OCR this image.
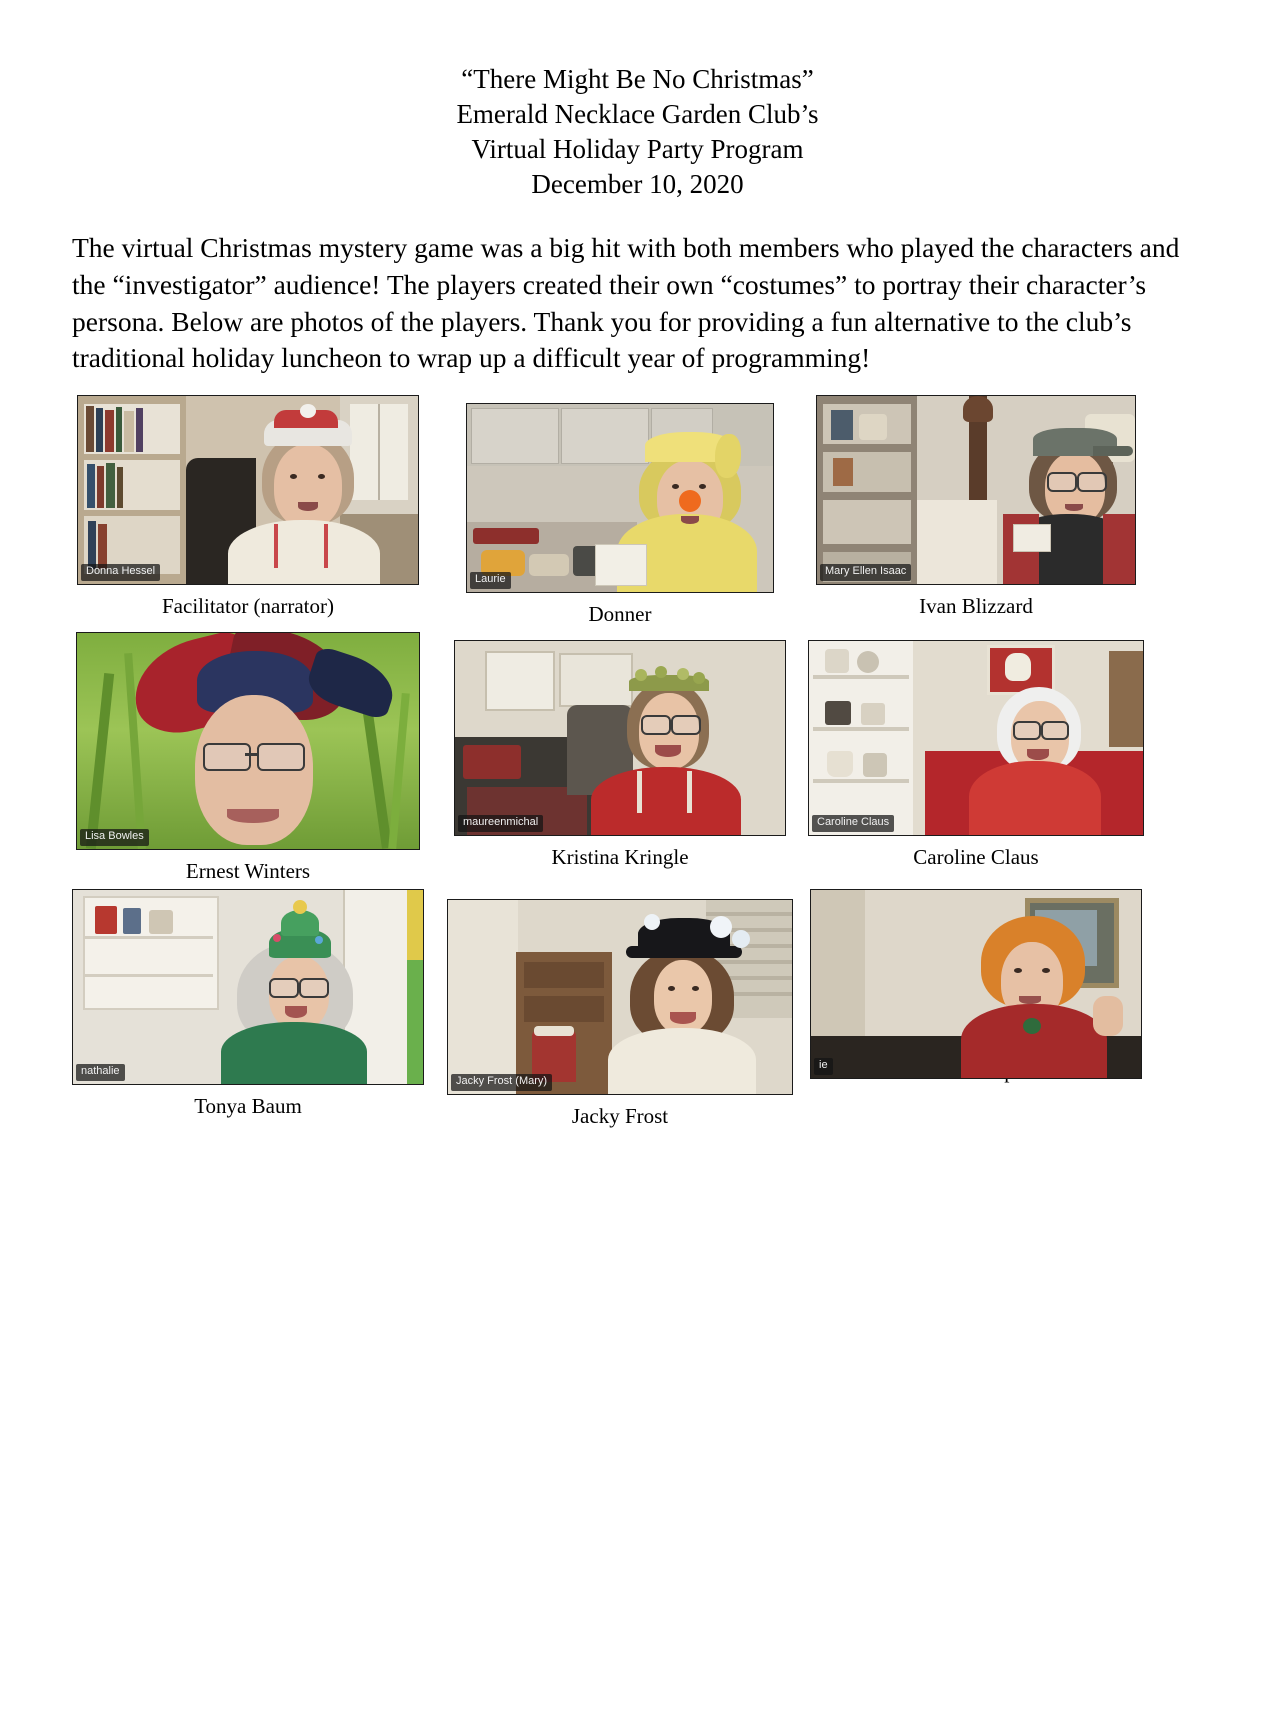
“There Might Be No Christmas”
Emerald Necklace Garden Club’s
Virtual Holiday Party Program
December 10, 2020

The virtual Christmas mystery game was a big hit with both members who played the characters and the “investigator” audience! The players created their own “costumes” to portray their character’s persona. Below are photos of the players. Thank you for providing a fun alternative to the club’s traditional holiday luncheon to wrap up a difficult year of programming!

Donna Hessel
Facilitator (narrator)
Laurie
Donner
Mary Ellen Isaac
Ivan Blizzard
Lisa Bowles
Ernest Winters
maureenmichal
Kristina Kringle
Caroline Claus
Caroline Claus
nathalie
Tonya Baum
Jacky Frost (Mary)
Jacky Frost
ie
